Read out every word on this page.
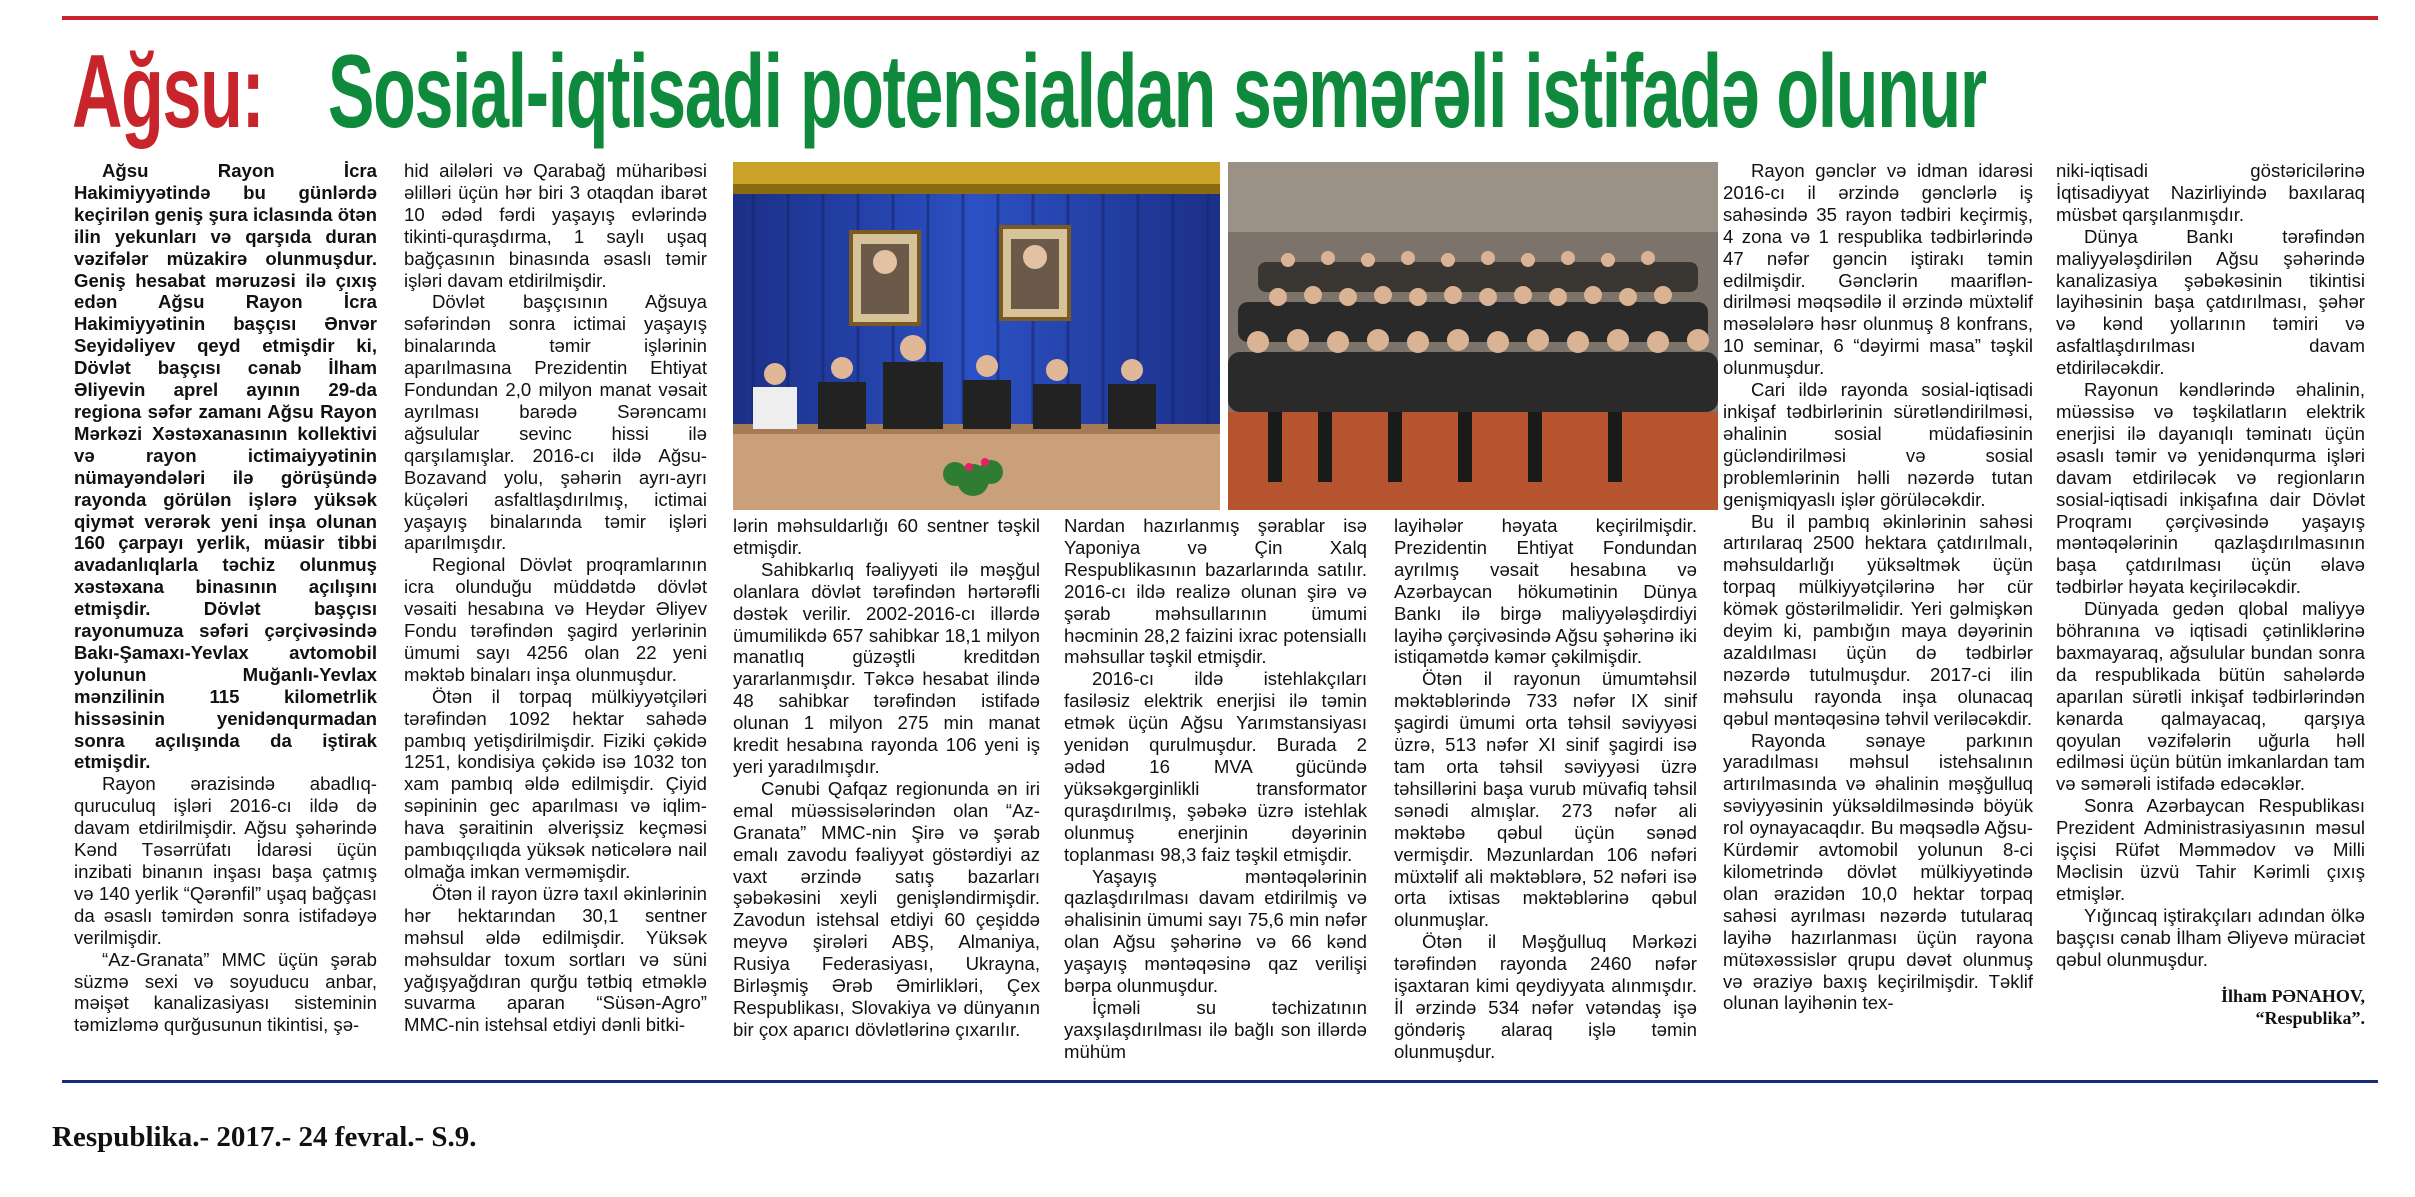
Ağsu: Sosial-iqtisadi potensialdan səmərəli istifadə olunur

Ağsu Rayon İcra Hakimiyyətində bu günlərdə keçirilən geniş şura iclasında ötən ilin yekunları və qarşıda duran vəzifələr müzakirə olunmuşdur. Geniş hesabat məruzəsi ilə çıxış edən Ağsu Rayon İcra Hakimiyyətinin başçısı Ənvər Seyidəliyev qeyd etmişdir ki, Dövlət başçısı cənab İlham Əliyevin aprel ayının 29-da regiona səfər zamanı Ağsu Rayon Mərkəzi Xəstəxanasının kollektivi və rayon ictimaiyyətinin nümayəndələri ilə görüşündə rayonda görülən işlərə yüksək qiymət verərək yeni inşa olunan 160 çarpayı yerlik, müasir tibbi avadanlıqlarla təchiz olunmuş xəstəxana binasının açılışını etmişdir. Dövlət başçısı rayonumuza səfəri çərçivəsində Bakı-Şamaxı-Yevlax avtomobil yolunun Muğanlı-Yevlax mənzilinin 115 kilometrlik hissəsinin yenidənqurmadan sonra açılışında da iştirak etmişdir.

Rayon ərazisində abadlıq-quruculuq işləri 2016-cı ildə də davam etdirilmişdir. Ağsu şəhərində Kənd Təsərrüfatı İdarəsi üçün inzibati binanın inşası başa çatmış və 140 yerlik “Qərənfil” uşaq bağçası da əsaslı təmirdən sonra istifadəyə verilmişdir.

“Az-Granata” MMC üçün şərab süzmə sexi və soyuducu anbar, məişət kanalizasiyası sisteminin təmizləmə qurğusunun tikintisi, şə-

hid ailələri və Qarabağ müharibəsi əlilləri üçün hər biri 3 otaqdan ibarət 10 ədəd fərdi yaşayış evlərində tikinti-quraşdırma, 1 saylı uşaq bağçasının binasında əsaslı təmir işləri davam etdirilmişdir.

Dövlət başçısının Ağsuya səfərindən sonra ictimai yaşayış binalarında təmir işlərinin aparılmasına Prezidentin Ehtiyat Fondundan 2,0 milyon manat vəsait ayrılması barədə Sərəncamı ağsulular sevinc hissi ilə qarşılamışlar. 2016-cı ildə Ağsu-Bozavand yolu, şəhərin ayrı-ayrı küçələri asfaltlaşdırılmış, ictimai yaşayış binalarında təmir işləri aparılmışdır.

Regional Dövlət proqramlarının icra olunduğu müddətdə dövlət vəsaiti hesabına və Heydər Əliyev Fondu tərəfindən şagird yerlərinin ümumi sayı 4256 olan 22 yeni məktəb binaları inşa olunmuşdur.

Ötən il torpaq mülkiyyətçiləri tərəfindən 1092 hektar sahədə pambıq yetişdirilmişdir. Fiziki çəkidə 1251, kondisiya çəkidə isə 1032 ton xam pambıq əldə edilmişdir. Çiyid səpininin gec aparılması və iqlim-hava şəraitinin əlverişsiz keçməsi pambıqçılıqda yüksək nəticələrə nail olmağa imkan verməmişdir.

Ötən il rayon üzrə taxıl əkinlərinin hər hektarından 30,1 sentner məhsul əldə edilmişdir. Yüksək məhsuldar toxum sortları və süni yağışyağdıran qurğu tətbiq etməklə suvarma aparan “Süsən-Agro” MMC-nin istehsal etdiyi dənli bitki-

lərin məhsuldarlığı 60 sentner təşkil etmişdir.

Sahibkarlıq fəaliyyəti ilə məşğul olanlara dövlət tərəfindən hərtərəfli dəstək verilir. 2002-2016-cı illərdə ümumilikdə 657 sahibkar 18,1 milyon manatlıq güzəştli kreditdən yararlanmışdır. Təkcə hesabat ilində 48 sahibkar tərəfindən istifadə olunan 1 milyon 275 min manat kredit hesabına rayonda 106 yeni iş yeri yaradılmışdır.

Cənubi Qafqaz regionunda ən iri emal müəssisələrindən olan “Az-Granata” MMC-nin Şirə və şərab emalı zavodu fəaliyyət göstərdiyi az vaxt ərzində satış bazarları şəbəkəsini xeyli genişləndirmişdir. Zavodun istehsal etdiyi 60 çeşiddə meyvə şirələri ABŞ, Almaniya, Rusiya Federasiyası, Ukrayna, Birləşmiş Ərəb Əmirlikləri, Çex Respublikası, Slovakiya və dünyanın bir çox aparıcı dövlətlərinə çıxarılır.

Nardan hazırlanmış şərablar isə Yaponiya və Çin Xalq Respublikasının bazarlarında satılır. 2016-cı ildə realizə olunan şirə və şərab məhsullarının ümumi həcminin 28,2 faizini ixrac potensiallı məhsullar təşkil etmişdir.

2016-cı ildə istehlakçıları fasiləsiz elektrik enerjisi ilə təmin etmək üçün Ağsu Yarımstansiyası yenidən qurulmuşdur. Burada 2 ədəd 16 MVA gücündə yüksəkgərginlikli transformator quraşdırılmış, şəbəkə üzrə istehlak olunmuş enerjinin dəyərinin toplanması 98,3 faiz təşkil etmişdir.

Yaşayış məntəqələrinin qazlaşdırılması davam etdirilmiş və əhalisinin ümumi sayı 75,6 min nəfər olan Ağsu şəhərinə və 66 kənd yaşayış məntəqəsinə qaz verilişi bərpa olunmuşdur.

İçməli su təchizatının yaxşılaşdırılması ilə bağlı son illərdə mühüm

layihələr həyata keçirilmişdir. Prezidentin Ehtiyat Fondundan ayrılmış vəsait hesabına və Azərbaycan hökumətinin Dünya Bankı ilə birgə maliyyələşdirdiyi layihə çərçivəsində Ağsu şəhərinə iki istiqamətdə kəmər çəkilmişdir.

Ötən il rayonun ümumtəhsil məktəblərində 733 nəfər IX sinif şagirdi ümumi orta təhsil səviyyəsi üzrə, 513 nəfər XI sinif şagirdi isə tam orta təhsil səviyyəsi üzrə təhsillərini başa vurub müvafiq təhsil sənədi almışlar. 273 nəfər ali məktəbə qəbul üçün sənəd vermişdir. Məzunlardan 106 nəfəri müxtəlif ali məktəblərə, 52 nəfəri isə orta ixtisas məktəblərinə qəbul olunmuşlar.

Ötən il Məşğulluq Mərkəzi tərəfindən rayonda 2460 nəfər işaxtaran kimi qeydiyyata alınmışdır. İl ərzində 534 nəfər vətəndaş işə göndəriş alaraq işlə təmin olunmuşdur.

Rayon gənclər və idman idarəsi 2016-cı il ərzində gənclərlə iş sahəsində 35 rayon tədbiri keçirmiş, 4 zona və 1 respublika tədbirlərində 47 nəfər gəncin iştirakı təmin edilmişdir. Gənclərin maarifləndirilməsi məqsədilə il ərzində müxtəlif məsələlərə həsr olunmuş 8 konfrans, 10 seminar, 6 “dəyirmi masa” təşkil olunmuşdur.

Cari ildə rayonda sosial-iqtisadi inkişaf tədbirlərinin sürətləndirilməsi, əhalinin sosial müdafiəsinin gücləndirilməsi və sosial problemlərinin həlli nəzərdə tutan genişmiqyaslı işlər görüləcəkdir.

Bu il pambıq əkinlərinin sahəsi artırılaraq 2500 hektara çatdırılmalı, məhsuldarlığı yüksəltmək üçün torpaq mülkiyyətçilərinə hər cür kömək göstərilməlidir. Yeri gəlmişkən deyim ki, pambığın maya dəyərinin azaldılması üçün də tədbirlər nəzərdə tutulmuşdur. 2017-ci ilin məhsulu rayonda inşa olunacaq qəbul məntəqəsinə təhvil veriləcəkdir.

Rayonda sənaye parkının yaradılması məhsul istehsalının artırılmasında və əhalinin məşğulluq səviyyəsinin yüksəldilməsində böyük rol oynayacaqdır. Bu məqsədlə Ağsu-Kürdəmir avtomobil yolunun 8-ci kilometrində dövlət mülkiyyətində olan ərazidən 10,0 hektar torpaq sahəsi ayrılması nəzərdə tutularaq layihə hazırlanması üçün rayona mütəxəssislər qrupu dəvət olunmuş və əraziyə baxış keçirilmişdir. Təklif olunan layihənin tex-

niki-iqtisadi göstəricilərinə İqtisadiyyat Nazirliyində baxılaraq müsbət qarşılanmışdır.

Dünya Bankı tərəfindən maliyyələşdirilən Ağsu şəhərində kanalizasiya şəbəkəsinin tikintisi layihəsinin başa çatdırılması, şəhər və kənd yollarının təmiri və asfaltlaşdırılması davam etdiriləcəkdir.

Rayonun kəndlərində əhalinin, müəssisə və təşkilatların elektrik enerjisi ilə dayanıqlı təminatı üçün əsaslı təmir və yenidənqurma işləri davam etdiriləcək və regionların sosial-iqtisadi inkişafına dair Dövlət Proqramı çərçivəsində yaşayış məntəqələrinin qazlaşdırılmasının başa çatdırılması üçün əlavə tədbirlər həyata keçiriləcəkdir.

Dünyada gedən qlobal maliyyə böhranına və iqtisadi çətinliklərinə baxmayaraq, ağsulular bundan sonra da respublikada bütün sahələrdə aparılan sürətli inkişaf tədbirlərindən kənarda qalmayacaq, qarşıya qoyulan vəzifələrin uğurla həll edilməsi üçün bütün imkanlardan tam və səmərəli istifadə edəcəklər.

Sonra Azərbaycan Respublikası Prezident Administrasiyasının məsul işçisi Rüfət Məmmədov və Milli Məclisin üzvü Tahir Kərimli çıxış etmişlər.

Yığıncaq iştirakçıları adından ölkə başçısı cənab İlham Əliyevə müraciət qəbul olunmuşdur.

İlham PƏNAHOV,
“Respublika”.
Respublika.- 2017.- 24 fevral.- S.9.
